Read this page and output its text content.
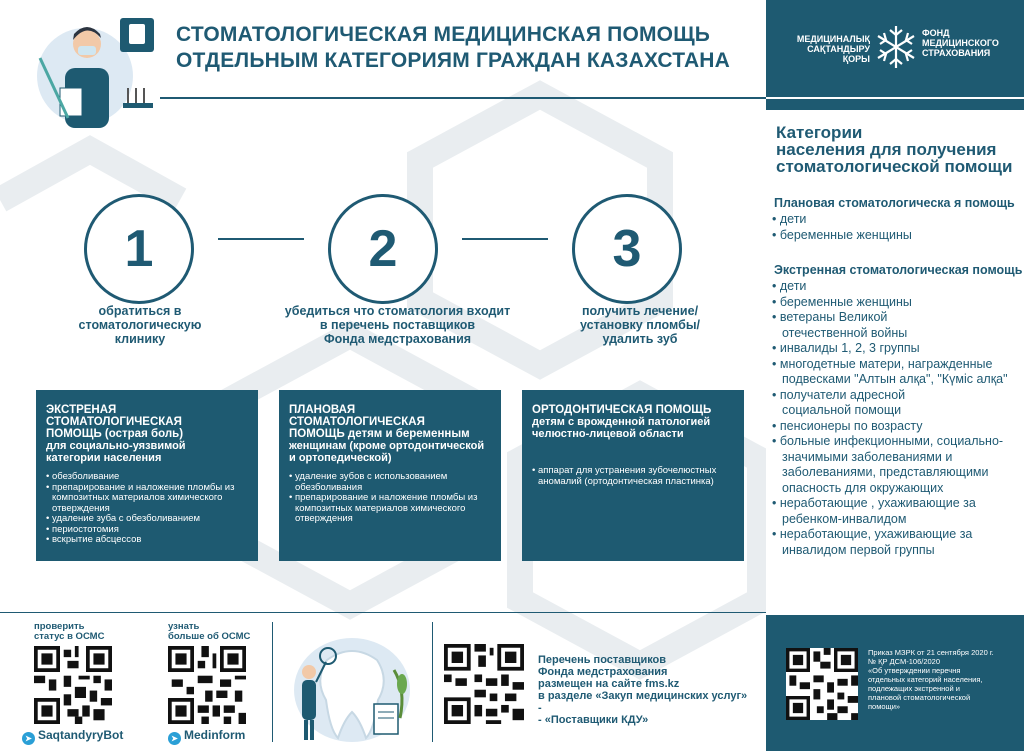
СТОМАТОЛОГИЧЕСКАЯ МЕДИЦИНСКАЯ ПОМОЩЬ
ОТДЕЛЬНЫМ КАТЕГОРИЯМ ГРАЖДАН КАЗАХСТАНА
МЕДИЦИНАЛЫҚ
САҚТАНДЫРУ
ҚОРЫ
ФОНД
МЕДИЦИНСКОГО
СТРАХОВАНИЯ
Категории
населения для получения
стоматологической помощи
Плановая стоматологическа я помощь
• дети
• беременные женщины
Экстренная стоматологическая помощь
• дети
• беременные женщины
• ветераны Великой отечественной войны
• инвалиды 1, 2, 3 группы
• многодетные матери, награжденные подвесками "Алтын алқа", "Күміс алқа"
• получатели адресной социальной помощи
• пенсионеры по возрасту
• больные инфекционными, социально-значимыми заболеваниями и заболеваниями, представляющими опасность для окружающих
• неработающие , ухаживающие за ребенком-инвалидом
• неработающие, ухаживающие за инвалидом первой группы
1	2	3
обратиться в
стоматологическую
клинику
убедиться что стоматология входит
в перечень поставщиков
Фонда медстрахования
получить лечение/
установку пломбы/
удалить зуб
ЭКСТРЕНАЯ СТОМАТОЛОГИЧЕСКАЯ
ПОМОЩЬ (острая боль)
для социально-уязвимой
категории населения
• обезболивание
• препарирование и наложение пломбы из композитных материалов химического отверждения
• удаление зуба с обезболиванием
• периостотомия
• вскрытие абсцессов
ПЛАНОВАЯ СТОМАТОЛОГИЧЕСКАЯ
ПОМОЩЬ детям и беременным
женщинам (кроме ортодонтической
и ортопедической)
• удаление зубов с использованием обезболивания
• препарирование и наложение пломбы из композитных материалов химического отверждения
ОРТОДОНТИЧЕСКАЯ ПОМОЩЬ
детям с врожденной патологией
челюстно-лицевой области
• аппарат для устранения зубочелюстных аномалий (ортодонтическая пластинка)
проверить
статус в ОСМС
➤ SaqtandyryBot
узнать
больше об ОСМС
➤ Medinform
Перечень поставщиков
Фонда медстрахования
размещен на сайте fms.kz
в разделе «Закуп медицинских услуг» -
- «Поставщики КДУ»
Приказ МЗРК от 21 сентября 2020 г.
№ ҚР ДСМ-106/2020
«Об утверждении перечня
отдельных категорий населения,
подлежащих экстренной и
плановой стоматологической
помощи»
